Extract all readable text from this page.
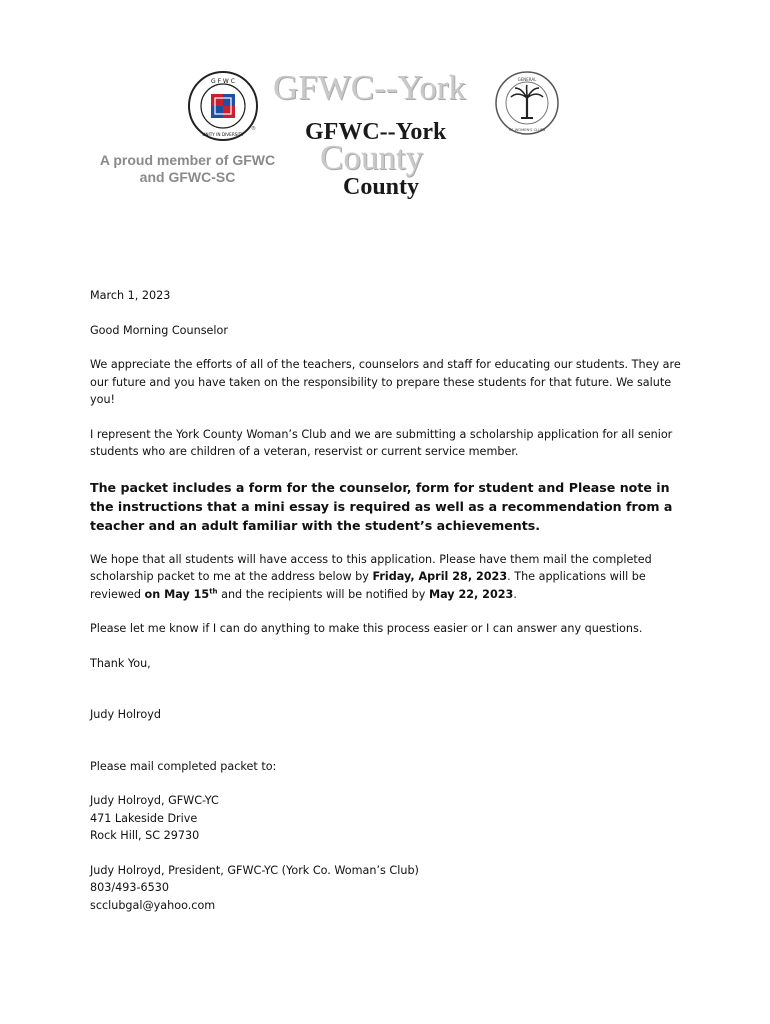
G F W C
UNITY IN DIVERSITY
®
A proud member of GFWC
and GFWC-SC
GFWC--York
GFWC--York
County
County
GENERAL
OF WOMEN'S CLUBS

March 1, 2023

Good Morning Counselor

We appreciate the efforts of all of the teachers, counselors and staff for educating our students. They are our future and you have taken on the responsibility to prepare these students for that future. We salute you!

I represent the York County Woman’s Club and we are submitting a scholarship application for all senior students who are children of a veteran, reservist or current service member.

The packet includes a form for the counselor, form for student and Please note in the instructions that a mini essay is required as well as a recommendation from a teacher and an adult familiar with the student’s achievements.

We hope that all students will have access to this application. Please have them mail the completed scholarship packet to me at the address below by Friday, April 28, 2023. The applications will be reviewed on May 15th and the recipients will be notified by May 22, 2023.

Please let me know if I can do anything to make this process easier or I can answer any questions.

Thank You,

Judy Holroyd

Please mail completed packet to:

Judy Holroyd, GFWC-YC

471 Lakeside Drive

Rock Hill, SC 29730

Judy Holroyd, President, GFWC-YC (York Co. Woman’s Club)

803/493-6530

scclubgal@yahoo.com
